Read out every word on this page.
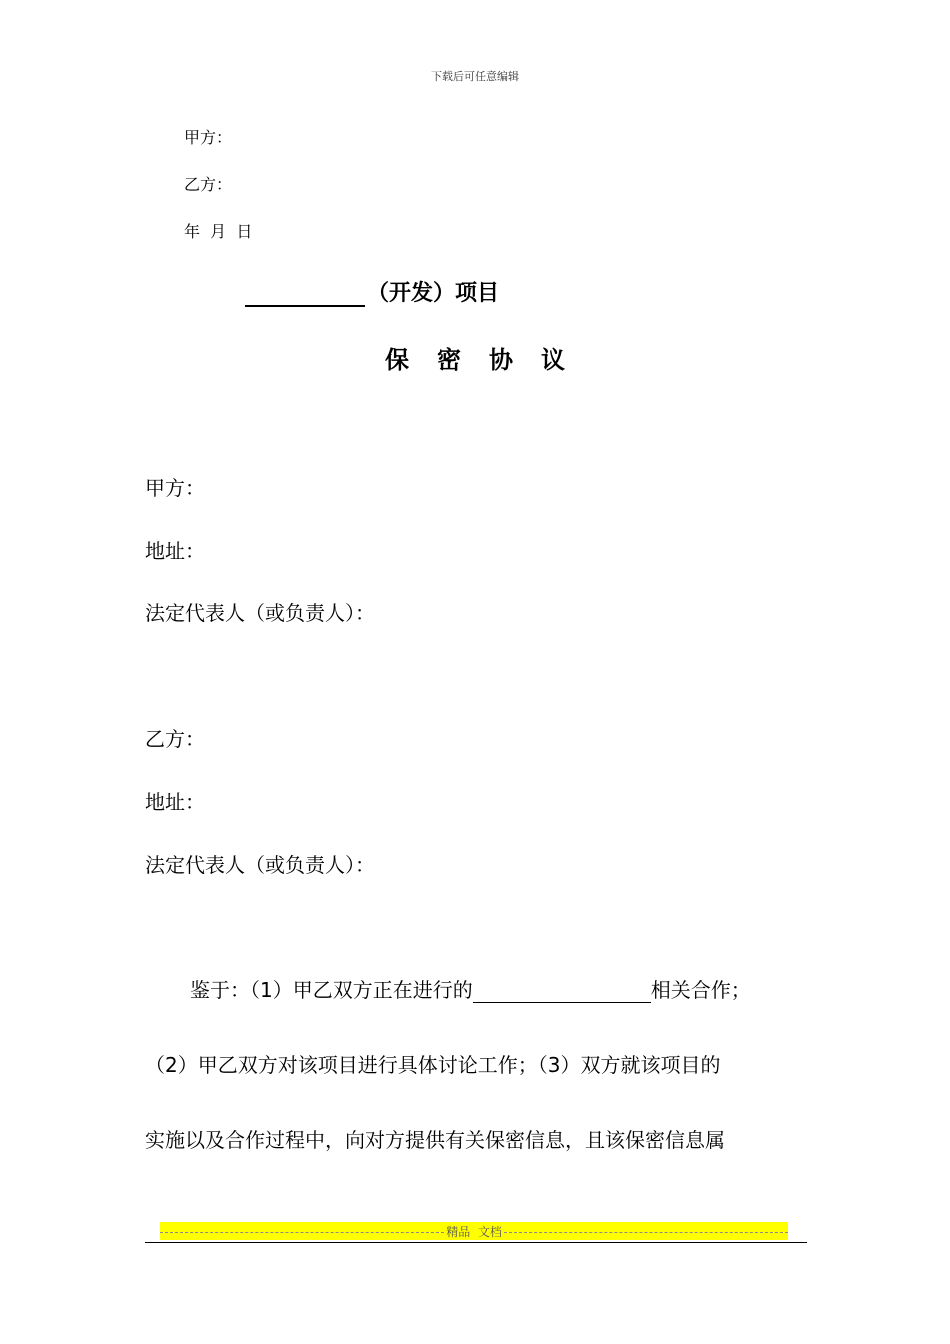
下载后可任意编辑
甲方：
乙方：
年  月  日
（开发）项目
保密协议
甲方：
地址：
法定代表人（或负责人）：
乙方：
地址：
法定代表人（或负责人）：
鉴于：（1）甲乙双方正在进行的	相关合作；
（2）甲乙双方对该项目进行具体讨论工作；（3）双方就该项目的
实施以及合作过程中，向对方提供有关保密信息，且该保密信息属
精品  文档
